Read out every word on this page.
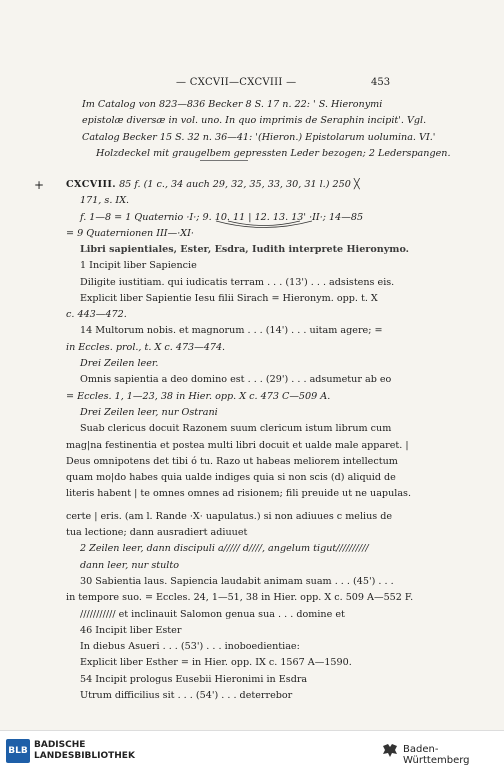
— CXCVII—CXCVIII —	453
Im Catalog von 823—836 Becker 8 S. 17 n. 22: ' S. Hieronymi
epistolæ diversæ in vol. uno. In quo imprimis de Seraphin incipit'. Vgl.
Catalog Becker 15 S. 32 n. 36—41: '(Hieron.) Epistolarum uolumina. VI.'
Holzdeckel mit graugelbem gepressten Leder bezogen; 2 Lederspangen.
+ CXCVIII. 85 f. (1 c., 34 auch 29, 32, 35, 33, 30, 31 l.) 250 ╳
171, s. IX.
f. 1—8 = 1 Quaternio ·I·; 9. 10. 11 | 12. 13. 13' ·II·; 14—85
= 9 Quaternionen III—·XI·
Libri sapientiales, Ester, Esdra, Iudith interprete Hieronymo.
1 Incipit liber Sapiencie
Diligite iustitiam. qui iudicatis terram . . . (13') . . . adsistens eis.
Explicit liber Sapientie Iesu filii Sirach = Hieronym. opp. t. X
c. 443—472.
14 Multorum nobis. et magnorum . . . (14') . . . uitam agere; =
in Eccles. prol., t. X c. 473—474.
Drei Zeilen leer.
Omnis sapientia a deo domino est . . . (29') . . . adsumetur ab eo
= Eccles. 1, 1—23, 38 in Hier. opp. X c. 473 C—509 A.
Drei Zeilen leer, nur Ostrani
Suab clericus docuit Razonem suum clericum istum librum cum
mag|na festinentia et postea multi libri docuit et ualde male apparet. |
Deus omnipotens det tibi ó tu. Razo ut habeas meliorem intellectum
quam mo|do habes quia ualde indiges quia si non scis (d) aliquid de
literis habent | te omnes omnes ad risionem; fili preuide ut ne uapulas.
certe | eris. (am l. Rande ·X· uapulatus.) si non adiuues c melius de
tua lectione; dann ausradiert adiuuet
2 Zeilen leer, dann discipuli a///// d////, angelum tigut//////////
dann leer, nur stulto
30 Sabientia laus. Sapiencia laudabit animam suam . . . (45') . . .
in tempore suo. = Eccles. 24, 1—51, 38 in Hier. opp. X c. 509 A—552 F.
/////////// et inclinauit Salomon genua sua . . . domine et
46 Incipit liber Ester
In diebus Asueri . . . (53') . . . inoboedientiae:
Explicit liber Esther = in Hier. opp. IX c. 1567 A—1590.
54 Incipit prologus Eusebii Hieronimi in Esdra
Utrum difficilius sit . . . (54') . . . deterrebor
BLB
BADISCHE
LANDESBIBLIOTHEK
Baden-Württemberg
